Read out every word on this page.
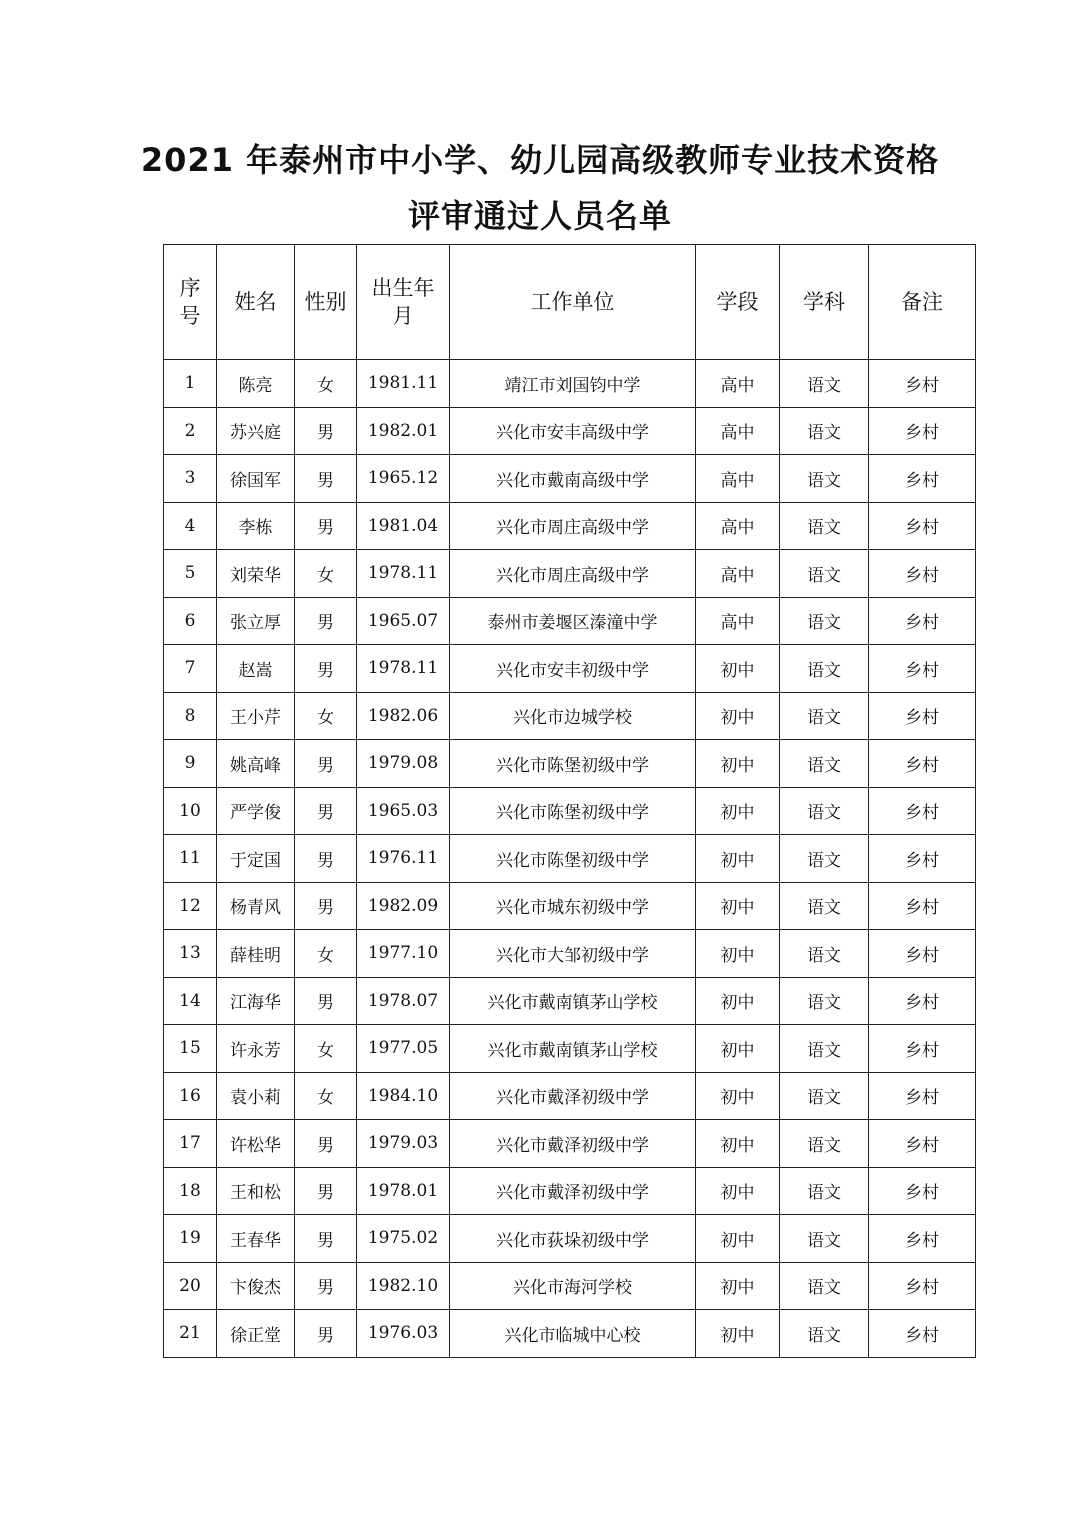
2021 年泰州市中小学、幼儿园高级教师专业技术资格
评审通过人员名单
序号	姓名	性别	出生年月	工作单位	学段	学科	备注
1	陈亮	女	1981.11	靖江市刘国钧中学	高中	语文	乡村
2	苏兴庭	男	1982.01	兴化市安丰高级中学	高中	语文	乡村
3	徐国军	男	1965.12	兴化市戴南高级中学	高中	语文	乡村
4	李栋	男	1981.04	兴化市周庄高级中学	高中	语文	乡村
5	刘荣华	女	1978.11	兴化市周庄高级中学	高中	语文	乡村
6	张立厚	男	1965.07	泰州市姜堰区溱潼中学	高中	语文	乡村
7	赵嵩	男	1978.11	兴化市安丰初级中学	初中	语文	乡村
8	王小芹	女	1982.06	兴化市边城学校	初中	语文	乡村
9	姚高峰	男	1979.08	兴化市陈堡初级中学	初中	语文	乡村
10	严学俊	男	1965.03	兴化市陈堡初级中学	初中	语文	乡村
11	于定国	男	1976.11	兴化市陈堡初级中学	初中	语文	乡村
12	杨青风	男	1982.09	兴化市城东初级中学	初中	语文	乡村
13	薛桂明	女	1977.10	兴化市大邹初级中学	初中	语文	乡村
14	江海华	男	1978.07	兴化市戴南镇茅山学校	初中	语文	乡村
15	许永芳	女	1977.05	兴化市戴南镇茅山学校	初中	语文	乡村
16	袁小莉	女	1984.10	兴化市戴泽初级中学	初中	语文	乡村
17	许松华	男	1979.03	兴化市戴泽初级中学	初中	语文	乡村
18	王和松	男	1978.01	兴化市戴泽初级中学	初中	语文	乡村
19	王春华	男	1975.02	兴化市荻垛初级中学	初中	语文	乡村
20	卞俊杰	男	1982.10	兴化市海河学校	初中	语文	乡村
21	徐正堂	男	1976.03	兴化市临城中心校	初中	语文	乡村
